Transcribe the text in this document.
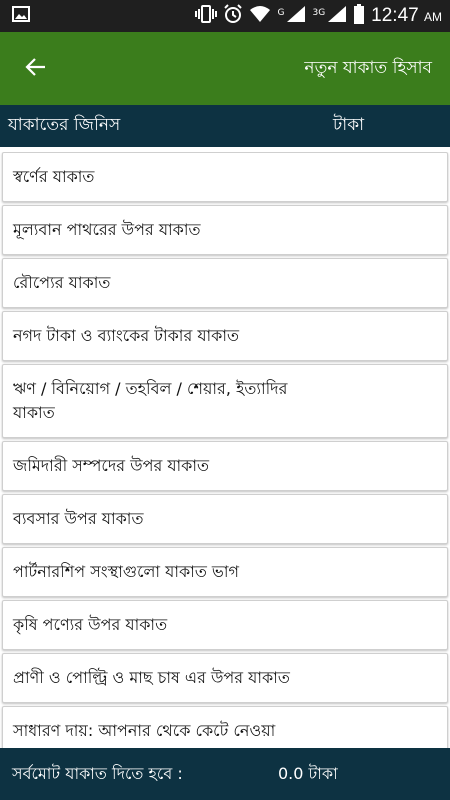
G	3G 12:47 AM
নতুন যাকাত হিসাব
যাকাতের জিনিস	টাকা
স্বর্ণের যাকাত
মূল্যবান পাথরের উপর যাকাত
রৌপ্যের যাকাত
নগদ টাকা ও ব্যাংকের টাকার যাকাত
ঋণ / বিনিয়োগ / তহবিল / শেয়ার, ইত্যাদির যাকাত
জমিদারী সম্পদের উপর যাকাত
ব্যবসার উপর যাকাত
পার্টনারশিপ সংস্থাগুলো যাকাত ভাগ
কৃষি পণ্যের উপর যাকাত
প্রাণী ও পোল্ট্রি ও মাছ চাষ এর উপর যাকাত
সাধারণ দায়: আপনার থেকে কেটে নেওয়া
সর্বমোট যাকাত দিতে হবে :	0.0 টাকা
